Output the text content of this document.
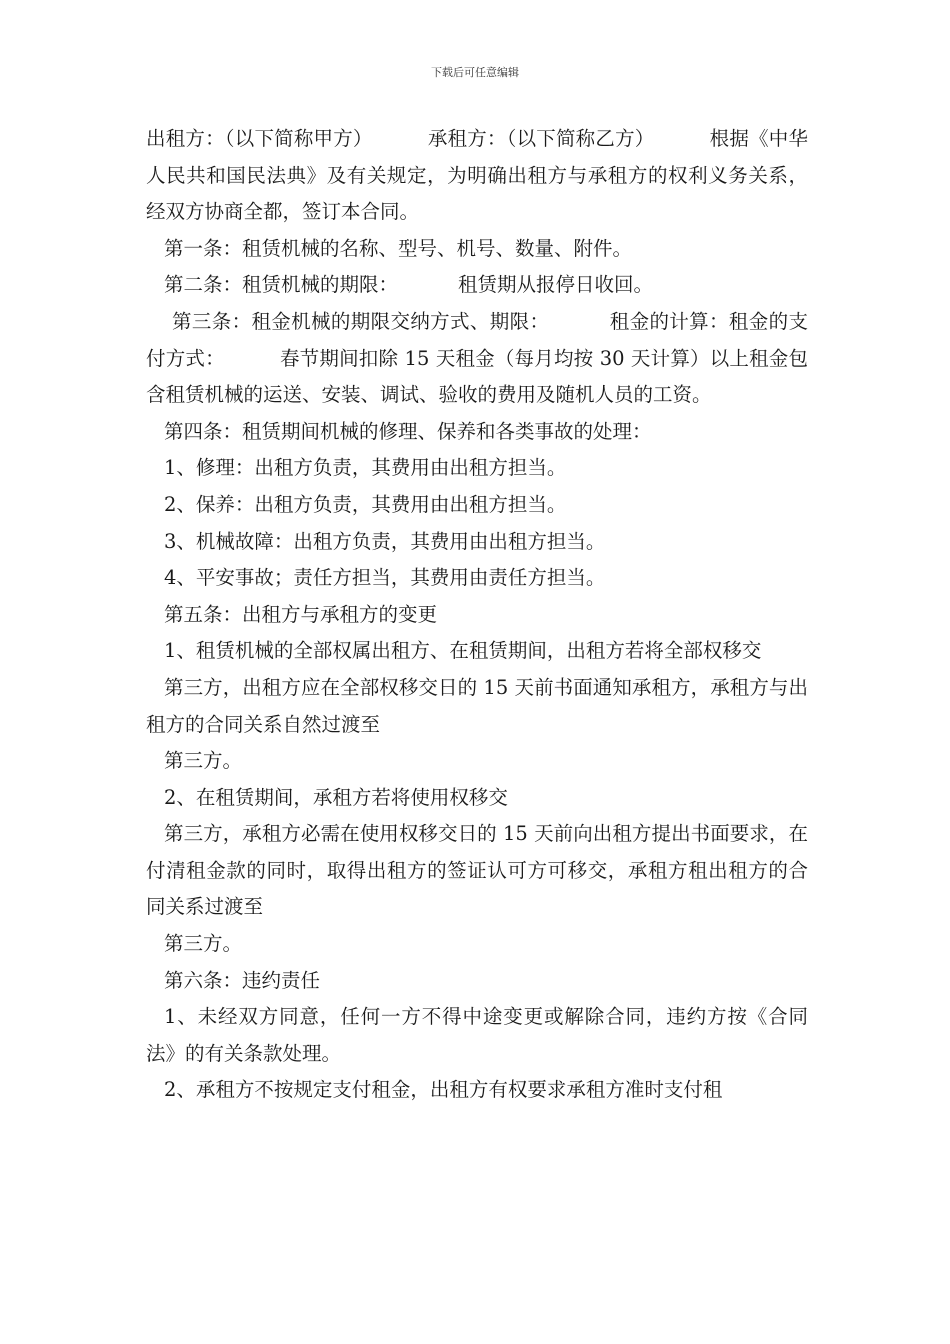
下载后可任意编辑

出租方：（以下简称甲方）	承租方：（以下简称乙方）	根据《中华人民共和国民法典》及有关规定，为明确出租方与承租方的权利义务关系，经双方协商全都，签订本合同。

第一条：租赁机械的名称、型号、机号、数量、附件。

第二条：租赁机械的期限：	租赁期从报停日收回。

第三条：租金机械的期限交纳方式、期限：	租金的计算：租金的支付方式：	春节期间扣除 15 天租金（每月均按 30 天计算）以上租金包含租赁机械的运送、安装、调试、验收的费用及随机人员的工资。

第四条：租赁期间机械的修理、保养和各类事故的处理：

1、修理：出租方负责，其费用由出租方担当。

2、保养：出租方负责，其费用由出租方担当。

3、机械故障：出租方负责，其费用由出租方担当。

4、平安事故；责任方担当，其费用由责任方担当。

第五条：出租方与承租方的变更

1、租赁机械的全部权属出租方、在租赁期间，出租方若将全部权移交

第三方，出租方应在全部权移交日的 15 天前书面通知承租方，承租方与出租方的合同关系自然过渡至

第三方。

2、在租赁期间，承租方若将使用权移交

第三方，承租方必需在使用权移交日的 15 天前向出租方提出书面要求，在付清租金款的同时，取得出租方的签证认可方可移交，承租方租出租方的合同关系过渡至

第三方。

第六条：违约责任

1、未经双方同意，任何一方不得中途变更或解除合同，违约方按《合同法》的有关条款处理。

2、承租方不按规定支付租金，出租方有权要求承租方准时支付租
